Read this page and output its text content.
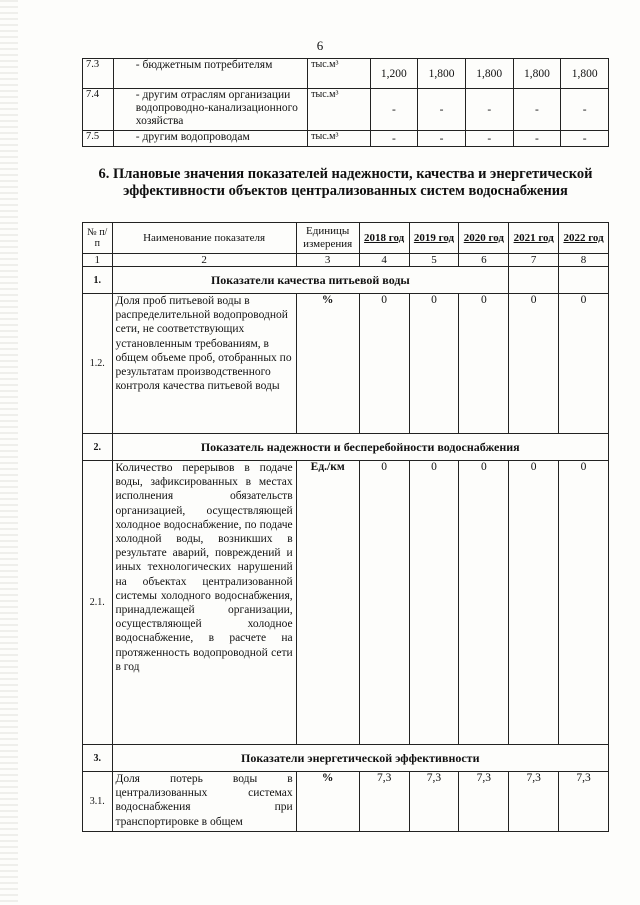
6
7.3	- бюджетным потребителям	тыс.м³	1,200	1,800	1,800	1,800	1,800
7.4	- другим отраслям организации водопроводно-канализационного хозяйства	тыс.м³	-	-	-	-	-
7.5	- другим водопроводам	тыс.м³	-	-	-	-	-
6. Плановые значения показателей надежности, качества и энергетической эффективности объектов централизованных систем водоснабжения
№ п/п	Наименование показателя	Единицы измерения	2018 год	2019 год	2020 год	2021 год	2022 год
1	2	3	4	5	6	7	8
1.	Показатели качества питьевой воды						
1.2.	Доля проб питьевой воды в распределительной водопроводной сети, не соответствующих установленным требованиям, в общем объеме проб, отобранных по результатам производственного контроля качества питьевой воды	%	0	0	0	0	0
2.	Показатель надежности и бесперебойности водоснабжения						
2.1.	Количество перерывов в подаче воды, зафиксированных в местах исполнения обязательств организацией, осуществляющей холодное водоснабжение, по подаче холодной воды, возникших в результате аварий, повреждений и иных технологических нарушений на объектах централизованной системы холодного водоснабжения, принадлежащей организации, осуществляющей холодное водоснабжение, в расчете на протяженность водопроводной сети в год	Ед./км	0	0	0	0	0
3.	Показатели энергетической эффективности						
3.1.	Доля потерь воды в централизованных системах водоснабжения при транспортировке в общем	%	7,3	7,3	7,3	7,3	7,3
